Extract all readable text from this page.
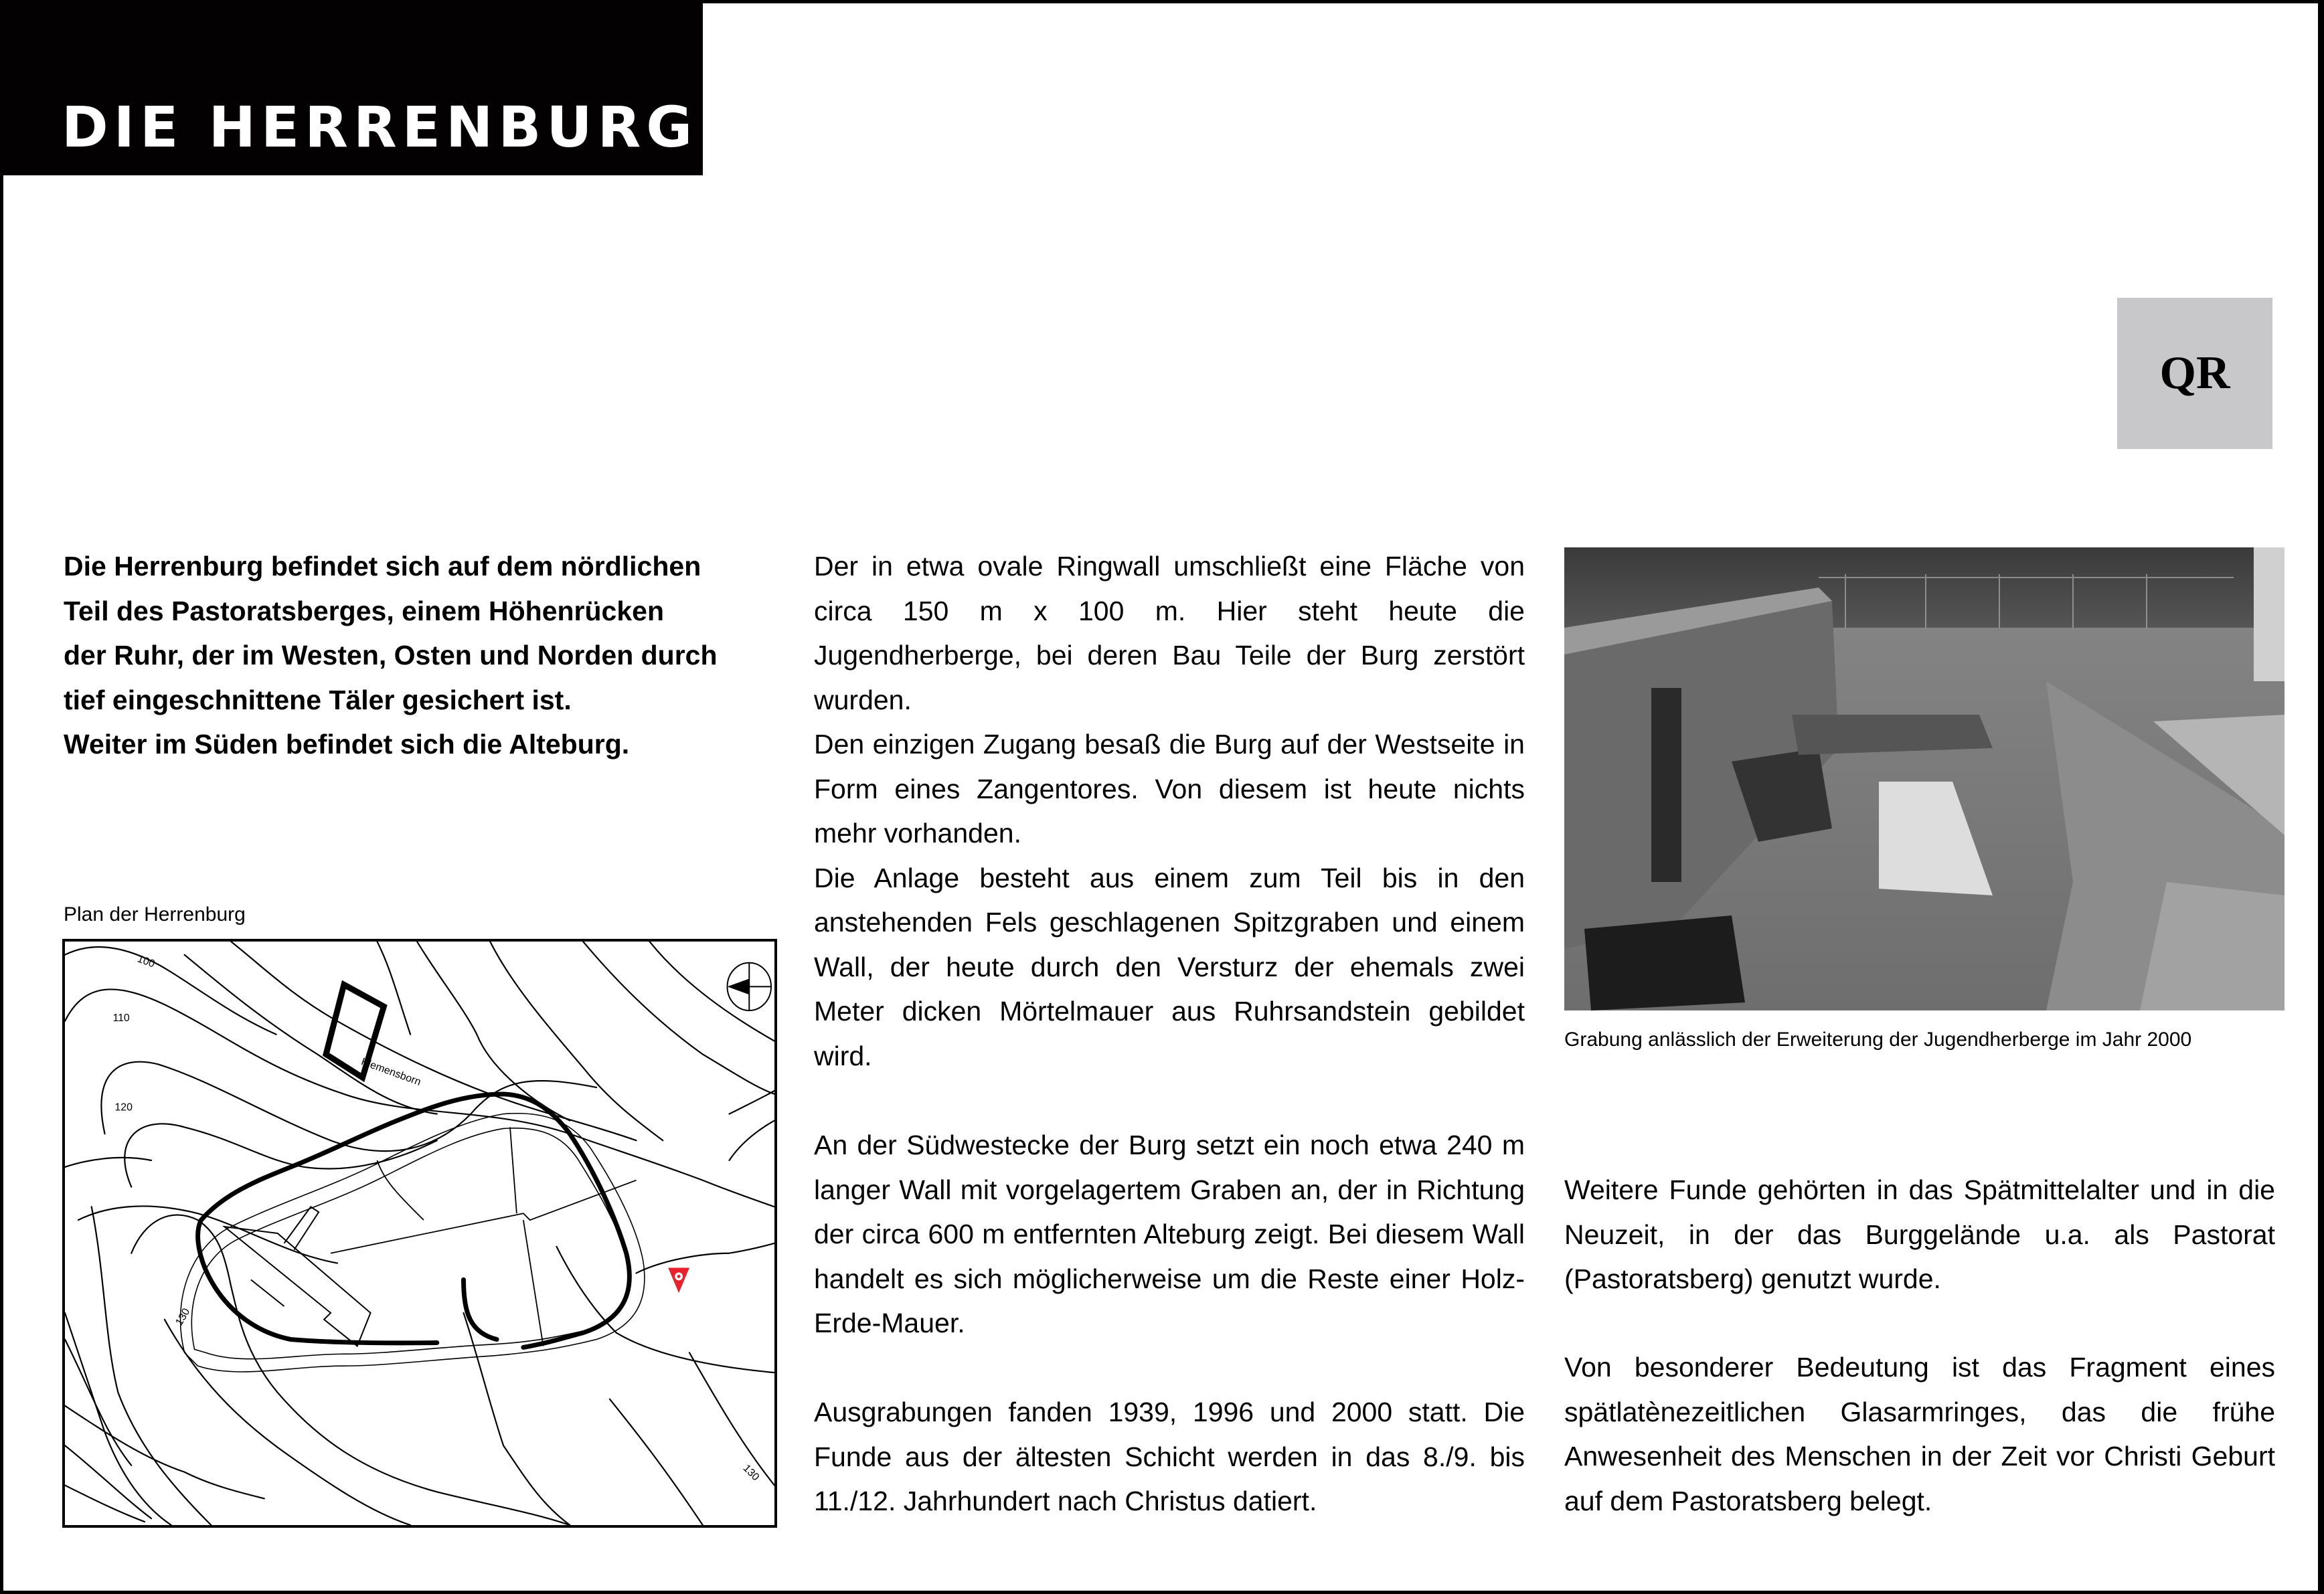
DIE HERRENBURG
QR
Die Herrenburg befindet sich auf dem nördlichen
Teil des Pastoratsberges, einem Höhenrücken
der Ruhr, der im Westen, Osten und Norden durch
tief eingeschnittene Täler gesichert ist.
Weiter im Süden befindet sich die Alteburg.
Plan der Herrenburg
100
110
120
130
130
Klemensborn

Der in etwa ovale Ringwall umschließt eine Fläche von circa 150 m x 100 m. Hier steht heute die Jugendherberge, bei deren Bau Teile der Burg zerstört wurden.

Den einzigen Zugang besaß die Burg auf der Westseite in Form eines Zangentores. Von diesem ist heute nichts mehr vorhanden.

Die Anlage besteht aus einem zum Teil bis in den anstehenden Fels geschlagenen Spitzgraben und einem Wall, der heute durch den Versturz der ehemals zwei Meter dicken Mörtelmauer aus Ruhrsandstein gebildet wird.

An der Südwestecke der Burg setzt ein noch etwa 240 m langer Wall mit vorgelagertem Graben an, der in Richtung der circa 600 m entfernten Alteburg zeigt. Bei diesem Wall handelt es sich möglicherweise um die Reste einer Holz-Erde-Mauer.

Ausgrabungen fanden 1939, 1996 und 2000 statt. Die Funde aus der ältesten Schicht werden in das 8./9. bis 11./12. Jahrhundert nach Christus datiert.

Grabung anlässlich der Erweiterung der Jugendherberge im Jahr 2000

Weitere Funde gehörten in das Spätmittelalter und in die Neuzeit, in der das Burggelände u.a. als Pastorat (Pastoratsberg) genutzt wurde.

Von besonderer Bedeutung ist das Fragment eines spätlatènezeitlichen Glasarmringes, das die frühe Anwesenheit des Menschen in der Zeit vor Christi Geburt auf dem Pastoratsberg belegt.
